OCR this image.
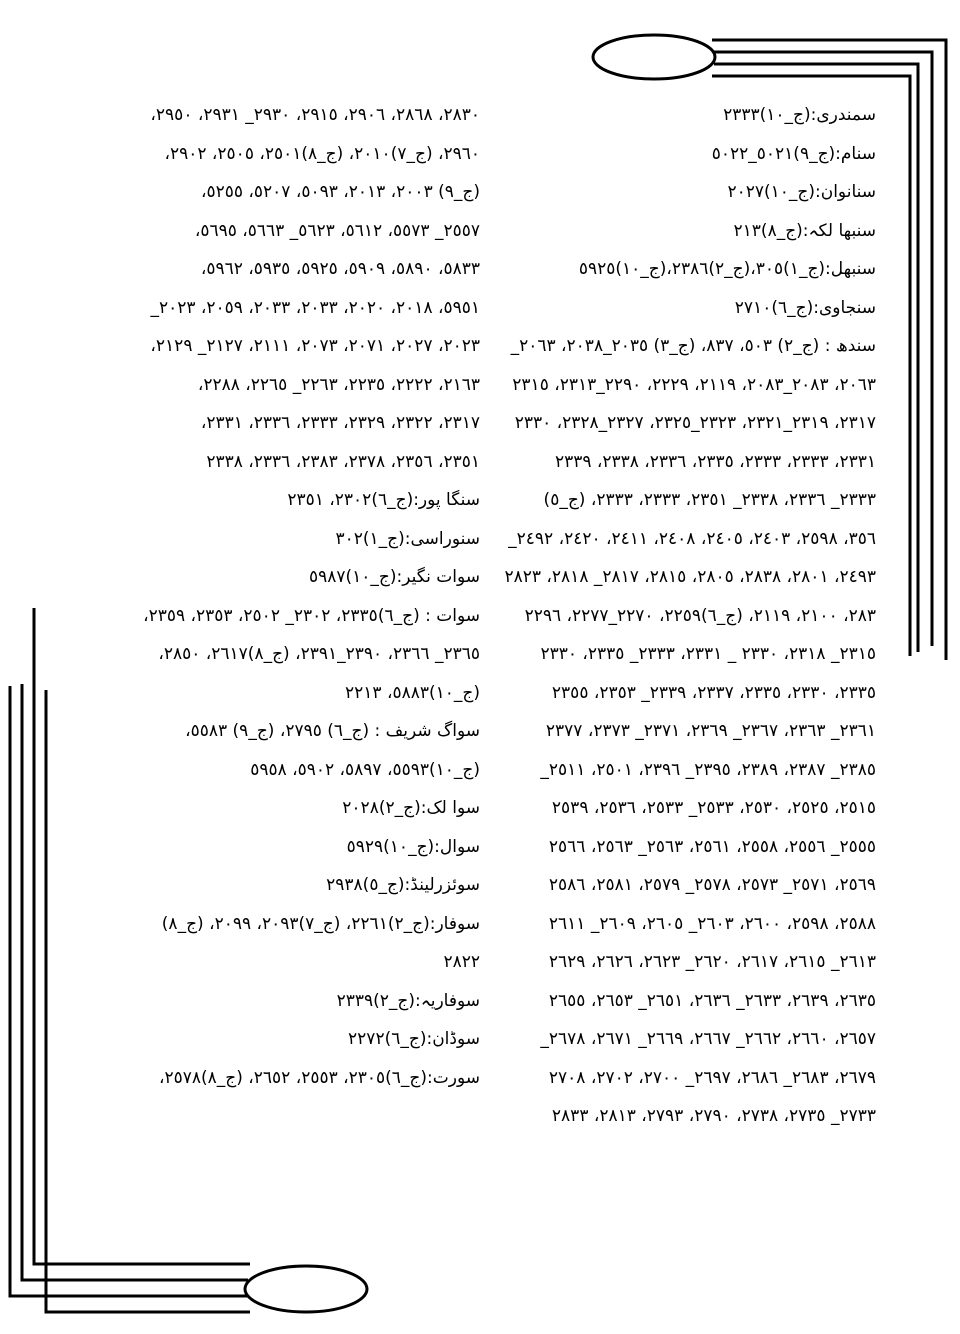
سمندری:(ج_١٠)٢٣٣٣
سنام:(ج_٩)٥٠٢١_٥٠٢٢
سنانوان:(ج_١٠)٢٠٢٧
سنبھا لکہ:(ج_٨)٢١٣
سنبھل:(ج_١)٣٠٥،(ج_٢)٢٣٨٦،(ج_١٠)٥٩٢٥
سنجاوی:(ج_٦)٢٧١٠
سندھ : (ج_٢) ٥٠٣، ٨٣٧، (ج_٣) ٢٠٣٥_٢٠٣٨، ٢٠٦٣_
٢٠٦٣، ٢٠٨٣_٢٠٨٣، ٢١١٩، ٢٢٢٩، ٢٢٩٠_٢٣١٣، ٢٣١٥
٢٣١٧، ٢٣١٩_٢٣٢١، ٢٣٢٣_٢٣٢٥، ٢٣٢٧_٢٣٢٨، ٢٣٣٠
٢٣٣١، ٢٣٣٣، ٢٣٣٣، ٢٣٣٥، ٢٣٣٦، ٢٣٣٨، ٢٣٣٩
٢٣٣٣_ ٢٣٣٦، ٢٣٣٨_ ٢٣٥١، ٢٣٣٣، ٢٣٣٣، (ج_٥)
٣٥٦، ٢٥٩٨، ٢٤٠٣، ٢٤٠٥، ٢٤٠٨، ٢٤١١، ٢٤٢٠، ٢٤٩٢_
٢٤٩٣، ٢٨٠١، ٢٨٣٨، ٢٨٠٥، ٢٨١٥، ٢٨١٧_ ٢٨١٨، ٢٨٢٣
٢٨٣، ٢١٠٠، ٢١١٩، (ج_٦)٢٢٥٩، ٢٢٧٠_٢٢٧٧، ٢٢٩٦
٢٣١٥_ ٢٣١٨، ٢٣٣٠ _ ٢٣٣١، ٢٣٣٣_ ٢٣٣٥، ٢٣٣٠
٢٣٣٥، ٢٣٣٠، ٢٣٣٥، ٢٣٣٧، ٢٣٣٩_ ٢٣٥٣، ٢٣٥٥
٢٣٦١_ ٢٣٦٣، ٢٣٦٧_ ٢٣٦٩، ٢٣٧١_ ٢٣٧٣، ٢٣٧٧
٢٣٨٥_ ٢٣٨٧، ٢٣٨٩، ٢٣٩٥_ ٢٣٩٦، ٢٥٠١، ٢٥١١_
٢٥١٥، ٢٥٢٥، ٢٥٣٠، ٢٥٣٣_ ٢٥٣٣، ٢٥٣٦، ٢٥٣٩
٢٥٥٥_ ٢٥٥٦، ٢٥٥٨، ٢٥٦١، ٢٥٦٣_ ٢٥٦٣، ٢٥٦٦
٢٥٦٩، ٢٥٧١_ ٢٥٧٣، ٢٥٧٨_ ٢٥٧٩، ٢٥٨١، ٢٥٨٦
٢٥٨٨، ٢٥٩٨، ٢٦٠٠، ٢٦٠٣_ ٢٦٠٥، ٢٦٠٩_ ٢٦١١
٢٦١٣_ ٢٦١٥، ٢٦١٧، ٢٦٢٠_ ٢٦٢٣، ٢٦٢٦، ٢٦٢٩
٢٦٣٥، ٢٦٣٩، ٢٦٣٣_ ٢٦٣٦، ٢٦٥١_ ٢٦٥٣، ٢٦٥٥
٢٦٥٧، ٢٦٦٠، ٢٦٦٢_ ٢٦٦٧، ٢٦٦٩_ ٢٦٧١، ٢٦٧٨_
٢٦٧٩، ٢٦٨٣_ ٢٦٨٦، ٢٦٩٧_ ٢٧٠٠، ٢٧٠٢، ٢٧٠٨
٢٧٣٣_ ٢٧٣٥، ٢٧٣٨، ٢٧٩٠، ٢٧٩٣، ٢٨١٣، ٢٨٣٣
٢٨٣٠، ٢٨٦٨، ٢٩٠٦، ٢٩١٥، ٢٩٣٠_ ٢٩٣١، ٢٩٥٠،
٢٩٦٠، (ج_٧)٢٠١٠، (ج_٨)٢٥٠١، ٢٥٠٥، ٢٩٠٢،
(ج_٩) ٢٠٠٣، ٢٠١٣، ٥٠٩٣، ٥٢٠٧، ٥٢٥٥،
٢٥٥٧_ ٥٥٧٣، ٥٦١٢، ٥٦٢٣_ ٥٦٦٣، ٥٦٩٥،
٥٨٣٣، ٥٨٩٠، ٥٩٠٩، ٥٩٢٥، ٥٩٣٥، ٥٩٦٢،
٥٩٥١، ٢٠١٨، ٢٠٢٠، ٢٠٣٣، ٢٠٣٣، ٢٠٥٩، ٢٠٢٣_
٢٠٢٣، ٢٠٢٧، ٢٠٧١، ٢٠٧٣، ٢١١١، ٢١٢٧_ ٢١٢٩،
٢١٦٣، ٢٢٢٢، ٢٢٣٥، ٢٢٦٣_ ٢٢٦٥، ٢٢٨٨،
٢٣١٧، ٢٣٢٢، ٢٣٢٩، ٢٣٣٣، ٢٣٣٦، ٢٣٣١،
٢٣٥١، ٢٣٥٦، ٢٣٧٨، ٢٣٨٣، ٢٣٣٦، ٢٣٣٨
سنگا پور:(ج_٦)٢٣٠٢، ٢٣٥١
سنوراسی:(ج_١)٣٠٢
سوات نگیر:(ج_١٠)٥٩٨٧
سوات : (ج_٦)٢٣٣٥، ٢٣٠٢_ ٢٥٠٢، ٢٣٥٣، ٢٣٥٩،
٢٣٦٥_ ٢٣٦٦، ٢٣٩٠_٢٣٩١، (ج_٨)٢٦١٧، ٢٨٥٠،
(ج_١٠)٥٨٨٣، ٢٢١٣
سواگ شریف : (ج_٦) ٢٧٩٥، (ج_٩) ٥٥٨٣،
(ج_١٠)٥٥٩٣، ٥٨٩٧، ٥٩٠٢، ٥٩٥٨
سوا لک:(ج_٢)٢٠٢٨
سوال:(ج_١٠)٥٩٢٩
سوئزرلینڈ:(ج_٥)٢٩٣٨
سوفار:(ج_٢)٢٢٦١، (ج_٧)٢٠٩٣، ٢٠٩٩، (ج_٨)
٢٨٢٢
سوفاریہ:(ج_٢)٢٣٣٩
سوڈان:(ج_٦)٢٢٧٢
سورت:(ج_٦)٢٣٠٥، ٢٥٥٣، ٢٦٥٢، (ج_٨)٢٥٧٨،
